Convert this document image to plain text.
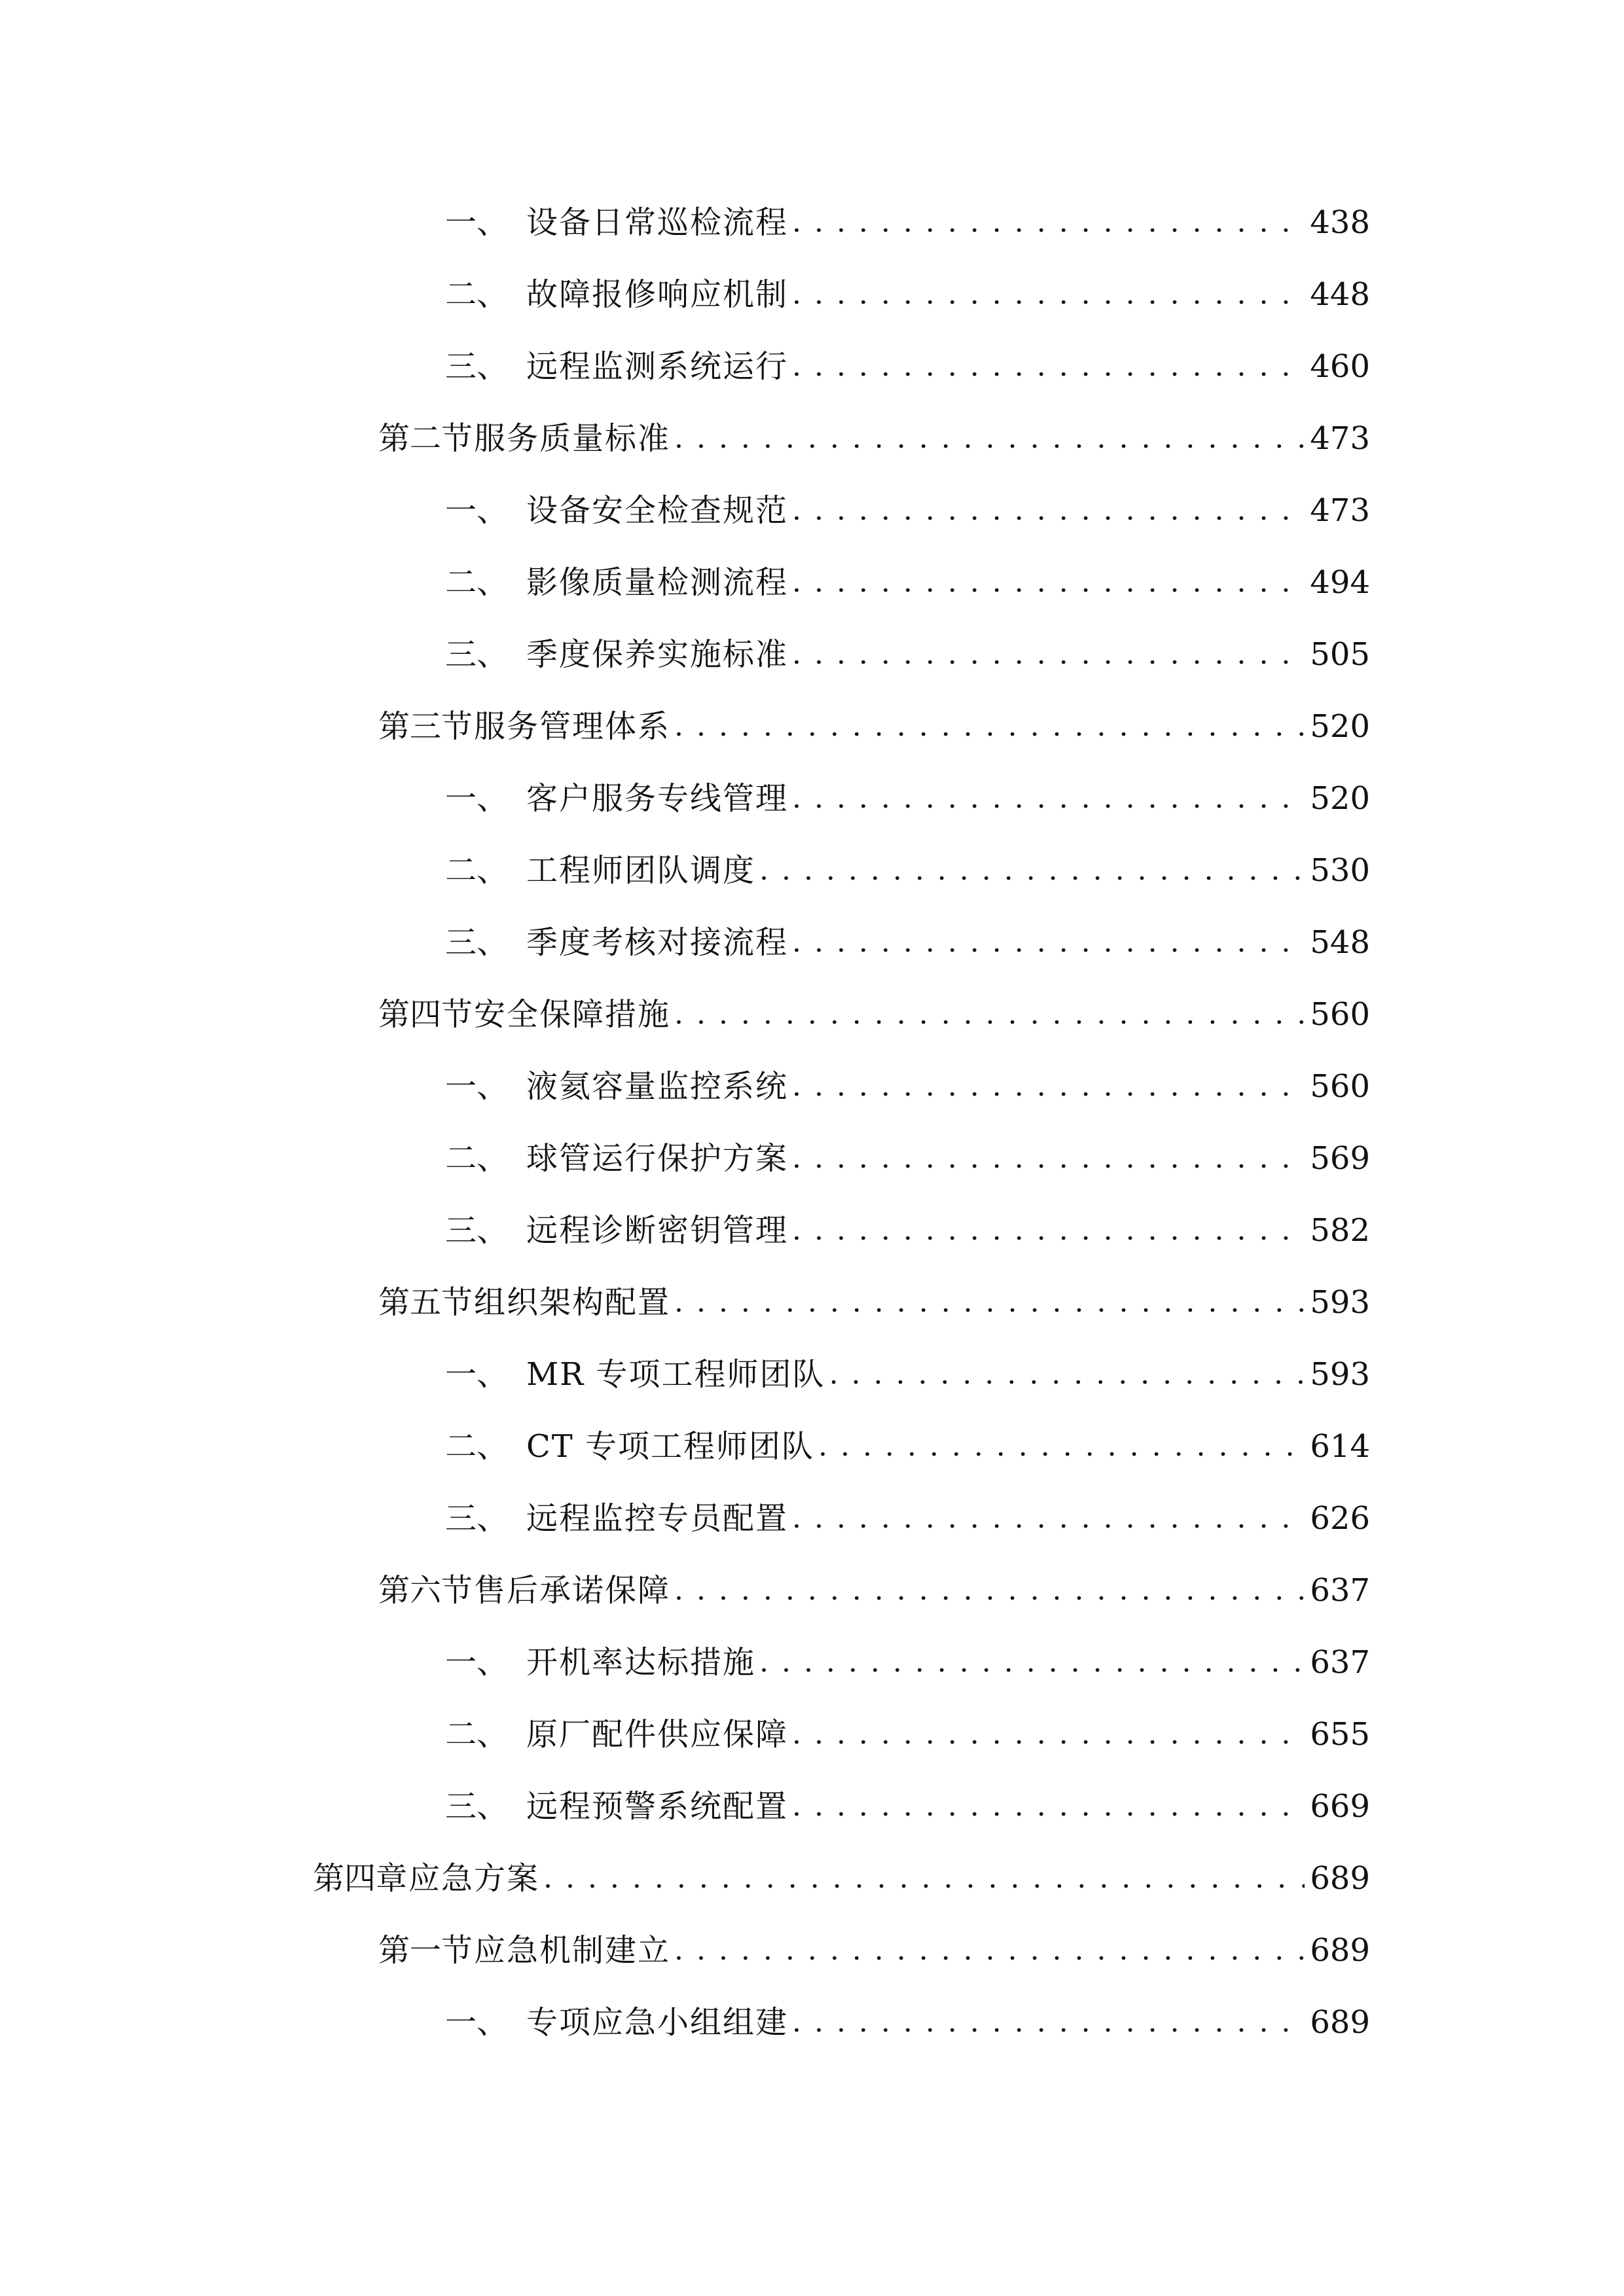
一、 设备日常巡检流程 . . .	438
二、 故障报修响应机制 . . .	448
三、 远程监测系统运行 . . .	460
第二节 服务质量标准 . . .	473
一、 设备安全检查规范 . . .	473
二、 影像质量检测流程 . . .	494
三、 季度保养实施标准 . . .	505
第三节 服务管理体系 . . .	520
一、 客户服务专线管理 . . .	520
二、 工程师团队调度 . . .	530
三、 季度考核对接流程 . . .	548
第四节 安全保障措施 . . .	560
一、 液氦容量监控系统 . . .	560
二、 球管运行保护方案 . . .	569
三、 远程诊断密钥管理 . . .	582
第五节 组织架构配置 . . .	593
一、 MR 专项工程师团队 . . .	593
二、 CT 专项工程师团队 . . .	614
三、 远程监控专员配置 . . .	626
第六节 售后承诺保障 . . .	637
一、 开机率达标措施 . . .	637
二、 原厂配件供应保障 . . .	655
三、 远程预警系统配置 . . .	669
第四章 应急方案 . . .	689
第一节 应急机制建立 . . .	689
一、 专项应急小组组建 . . .	689
